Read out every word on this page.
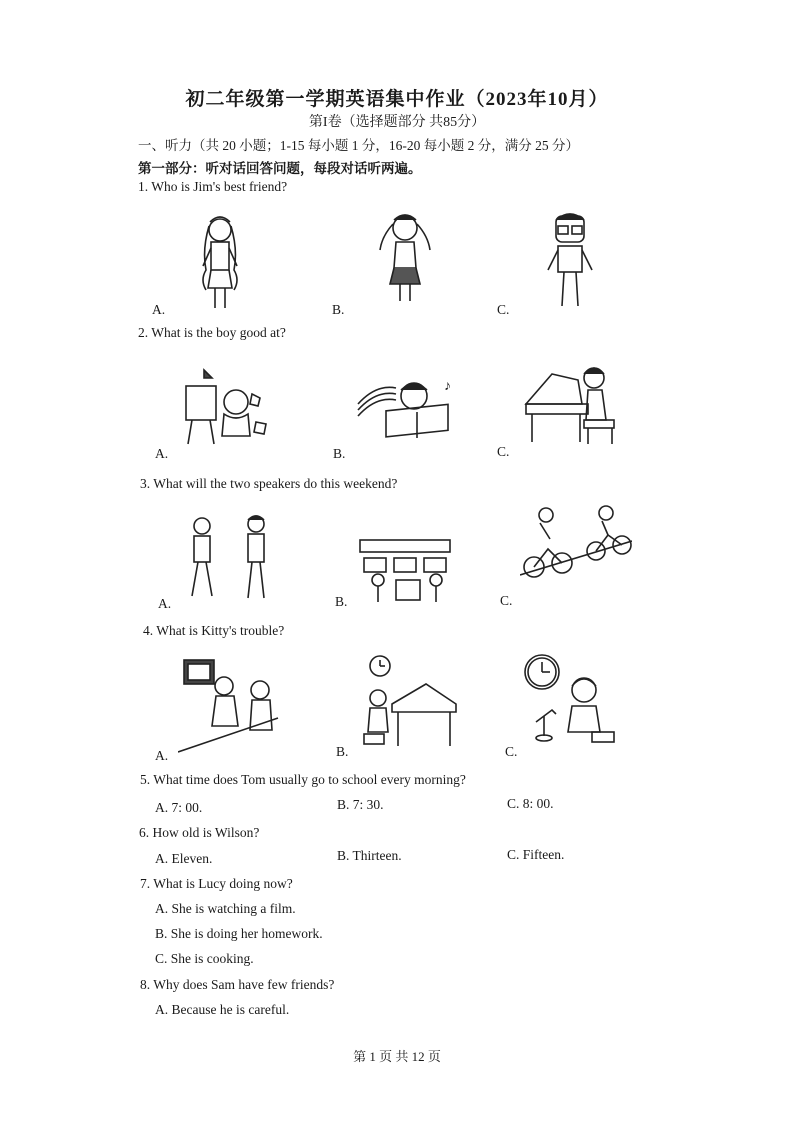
初二年级第一学期英语集中作业（2023年10月）
第I卷（选择题部分 共85分）
一、听力（共 20 小题；1-15 每小题 1 分，16-20 每小题 2 分，满分 25 分）
第一部分：听对话回答问题，每段对话听两遍。
1. Who is Jim's best friend?
A.	B.	C.
2. What is the boy good at?
A.	B.	C.
♪
3. What will the two speakers do this weekend?
A.	B.	C.
4. What is Kitty's trouble?
A.	B.	C.
5. What time does Tom usually go to school every morning?
A. 7: 00.	B. 7: 30.	C. 8: 00.
6. How old is Wilson?
A. Eleven.	B. Thirteen.	C. Fifteen.
7. What is Lucy doing now?
A. She is watching a film.
B. She is doing her homework.
C. She is cooking.
8. Why does Sam have few friends?
A. Because he is careful.
第 1 页 共 12 页
